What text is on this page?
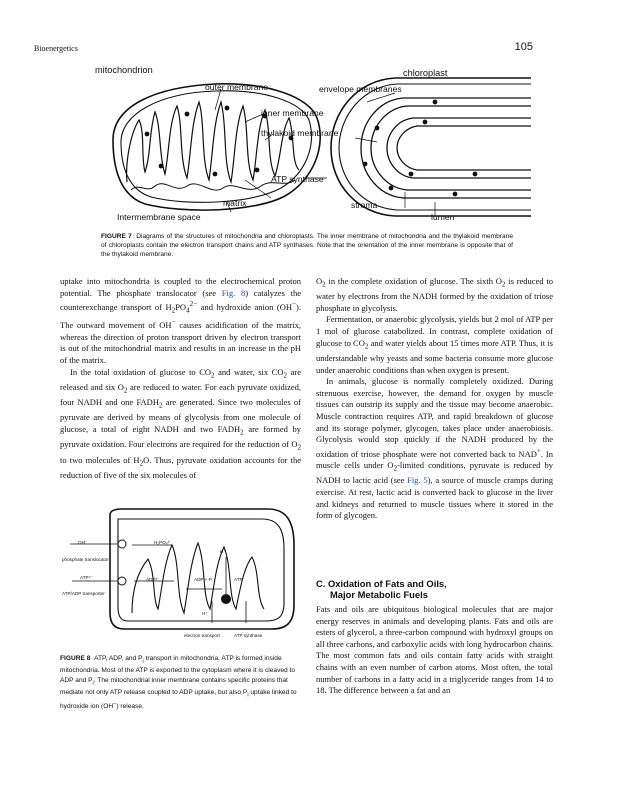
Bioenergetics	105
mitochondrion	chloroplast
outer membrane	envelope membranes
inner membrane
thylakoid membrane
ATP synthase
matrix	stroma
Intermembrane space	lumen
FIGURE 7 Diagrams of the structures of mitochondria and chloroplasts. The inner membrane of mitochondria and the thylakoid membrane of chloroplasts contain the electron transport chains and ATP synthases. Note that the orientation of the inner membrane is opposite that of the thylakoid membrane.

uptake into mitochondria is coupled to the electrochemical proton potential. The phosphate translocator (see Fig. 8) catalyzes the counterexchange transport of $H_2PO_4^{2-}$ and hydroxide anion (OH−). The outward movement of OH− causes acidification of the matrix, whereas the direction of proton transport driven by electron transport is out of the mitochondrial matrix and results in an increase in the pH of the matrix.

In the total oxidation of glucose to $CO_2$ and water, six $CO_2$ are released and six $O_2$ are reduced to water. For each pyruvate oxidized, four NADH and one $FADH_2$ are generated. Since two molecules of pyruvate are derived by means of glycolysis from one molecule of glucose, a total of eight NADH and two $FADH_2$ are formed by pyruvate oxidation. Four electrons are required for the reduction of $O_2$ to two molecules of $H_2O$. Thus, pyruvate oxidation accounts for the reduction of five of the six molecules of

OH⁻
phosphate translocator
ATP⁴⁻
ATP/ADP transporter
H₂PO₄²⁻
H⁺
ADP³⁻	ADP + Pᵢ	ATP
H⁺
electron transport	ATP synthase
FIGURE 8 ATP, ADP, and $P_i$ transport in mitochondria. ATP is formed inside mitochondria. Most of the ATP is exported to the cytoplasm where it is cleaved to ADP and $P_i$. The mitochondrial inner membrane contains specific proteins that mediate not only ATP release coupled to ADP uptake, but also $P_i$ uptake linked to hydroxide ion (OH−) release.

$O_2$ in the complete oxidation of glucose. The sixth $O_2$ is reduced to water by electrons from the NADH formed by the oxidation of triose phosphate in glycolysis.

Fermentation, or anaerobic glycolysis, yields but 2 mol of ATP per 1 mol of glucose catabolized. In contrast, complete oxidation of glucose to $CO_2$ and water yields about 15 times more ATP. Thus, it is understandable why yeasts and some bacteria consume more glucose under anaerobic conditions than when oxygen is present.

In animals, glucose is normally completely oxidized. During strenuous exercise, however, the demand for oxygen by muscle tissues can outstrip its supply and the tissue may become anaerobic. Muscle contraction requires ATP, and rapid breakdown of glucose and its storage polymer, glycogen, takes place under anaerobiosis. Glycolysis would stop quickly if the NADH produced by the oxidation of triose phosphate were not converted back to NAD+. In muscle cells under $O_2$-limited conditions, pyruvate is reduced by NADH to lactic acid (see Fig. 5), a source of muscle cramps during exercise. At rest, lactic acid is converted back to glucose in the liver and kidneys and returned to muscle tissues where it stored in the form of glycogen.

C. Oxidation of Fats and Oils,
Major Metabolic Fuels

Fats and oils are ubiquitous biological molecules that are major energy reserves in animals and developing plants. Fats and oils are esters of glycerol, a three-carbon compound with hydroxyl groups on all three carbons, and carboxylic acids with long hydrocarbon chains. The most common fats and oils contain fatty acids with straight chains with an even number of carbon atoms. Most often, the total number of carbons in a fatty acid in a triglyceride ranges from 14 to 18. The difference between a fat and an
